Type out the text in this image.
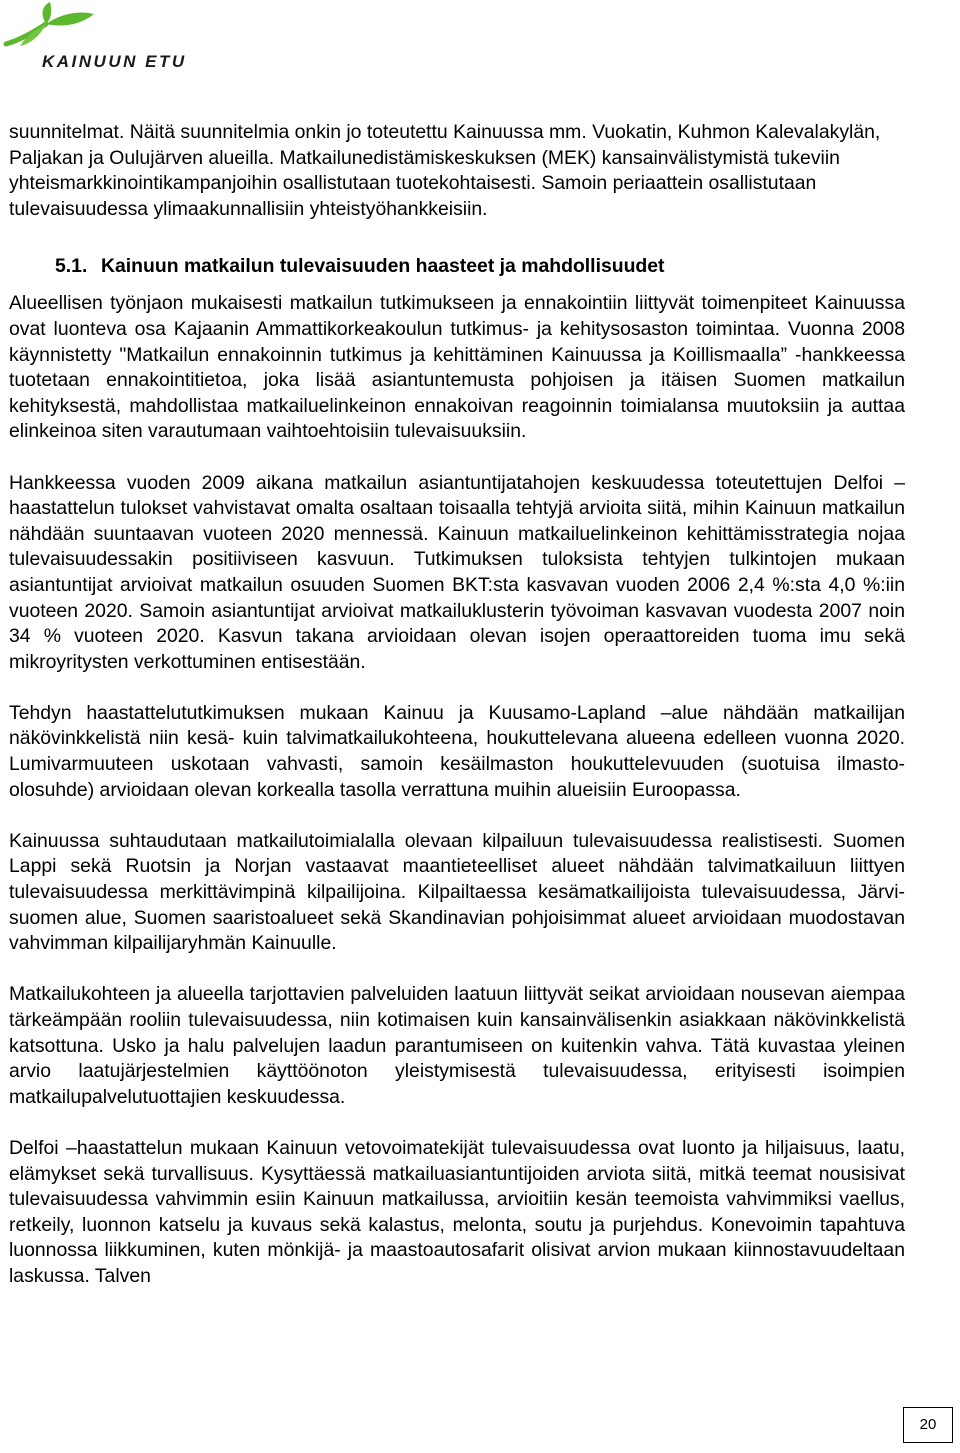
KAINUUN ETU

suunnitelmat. Näitä suunnitelmia onkin jo toteutettu Kainuussa mm. Vuokatin, Kuhmon Kalevalakylän, Paljakan ja Oulujärven alueilla. Matkailunedistämiskeskuksen (MEK) kansainvälistymistä tukeviin yhteismarkkinointikampanjoihin osallistutaan tuotekohtaisesti. Samoin periaattein osallistutaan tulevaisuudessa ylimaakunnallisiin yhteistyöhankkeisiin.

5.1. Kainuun matkailun tulevaisuuden haasteet ja mahdollisuudet

Alueellisen työnjaon mukaisesti matkailun tutkimukseen ja ennakointiin liittyvät toimenpiteet Kainuussa ovat luonteva osa Kajaanin Ammattikorkeakoulun tutkimus- ja kehitysosaston toimintaa. Vuonna 2008 käynnistetty "Matkailun ennakoinnin tutkimus ja kehittäminen Kainuussa ja Koillismaalla” -hankkeessa tuotetaan ennakointitietoa, joka lisää asiantuntemusta pohjoisen ja itäisen Suomen matkailun kehityksestä, mahdollistaa matkailuelinkeinon ennakoivan reagoinnin toimialansa muutoksiin ja auttaa elinkeinoa siten varautumaan vaihtoehtoisiin tulevaisuuksiin.

Hankkeessa vuoden 2009 aikana matkailun asiantuntijatahojen keskuudessa toteutettujen Delfoi –haastattelun tulokset vahvistavat omalta osaltaan toisaalla tehtyjä arvioita siitä, mihin Kainuun matkailun nähdään suuntaavan vuoteen 2020 mennessä. Kainuun matkailuelinkeinon kehittämisstrategia nojaa tulevaisuudessakin positiiviseen kasvuun. Tutkimuksen tuloksista tehtyjen tulkintojen mukaan asiantuntijat arvioivat matkailun osuuden Suomen BKT:sta kasvavan vuoden 2006 2,4 %:sta 4,0 %:iin vuoteen 2020. Samoin asiantuntijat arvioivat matkailuklusterin työvoiman kasvavan vuodesta 2007 noin 34 % vuoteen 2020. Kasvun takana arvioidaan olevan isojen operaattoreiden tuoma imu sekä mikroyritysten verkottuminen entisestään.

Tehdyn haastattelututkimuksen mukaan Kainuu ja Kuusamo-Lapland –alue nähdään matkailijan näkövinkkelistä niin kesä- kuin talvimatkailukohteena, houkuttelevana alueena edelleen vuonna 2020. Lumivarmuuteen uskotaan vahvasti, samoin kesäilmaston houkuttelevuuden (suotuisa ilmasto-olosuhde) arvioidaan olevan korkealla tasolla verrattuna muihin alueisiin Euroopassa.

Kainuussa suhtaudutaan matkailutoimialalla olevaan kilpailuun tulevaisuudessa realistisesti. Suomen Lappi sekä Ruotsin ja Norjan vastaavat maantieteelliset alueet nähdään talvimatkailuun liittyen tulevaisuudessa merkittävimpinä kilpailijoina. Kilpailtaessa kesämatkailijoista tulevaisuudessa, Järvi-suomen alue, Suomen saaristoalueet sekä Skandinavian pohjoisimmat alueet arvioidaan muodostavan vahvimman kilpailijaryhmän Kainuulle.

Matkailukohteen ja alueella tarjottavien palveluiden laatuun liittyvät seikat arvioidaan nousevan aiempaa tärkeämpään rooliin tulevaisuudessa, niin kotimaisen kuin kansainvälisenkin asiakkaan näkövinkkelistä katsottuna. Usko ja halu palvelujen laadun parantumiseen on kuitenkin vahva. Tätä kuvastaa yleinen arvio laatujärjestelmien käyttöönoton yleistymisestä tulevaisuudessa, erityisesti isoimpien matkailupalvelutuottajien keskuudessa.

Delfoi –haastattelun mukaan Kainuun vetovoimatekijät tulevaisuudessa ovat luonto ja hiljaisuus, laatu, elämykset sekä turvallisuus. Kysyttäessä matkailuasiantuntijoiden arviota siitä, mitkä teemat nousisivat tulevaisuudessa vahvimmin esiin Kainuun matkailussa, arvioitiin kesän teemoista vahvimmiksi vaellus, retkeily, luonnon katselu ja kuvaus sekä kalastus, melonta, soutu ja purjehdus. Konevoimin tapahtuva luonnossa liikkuminen, kuten mönkijä- ja maastoautosafarit olisivat arvion mukaan kiinnostavuudeltaan laskussa. Talven

20
